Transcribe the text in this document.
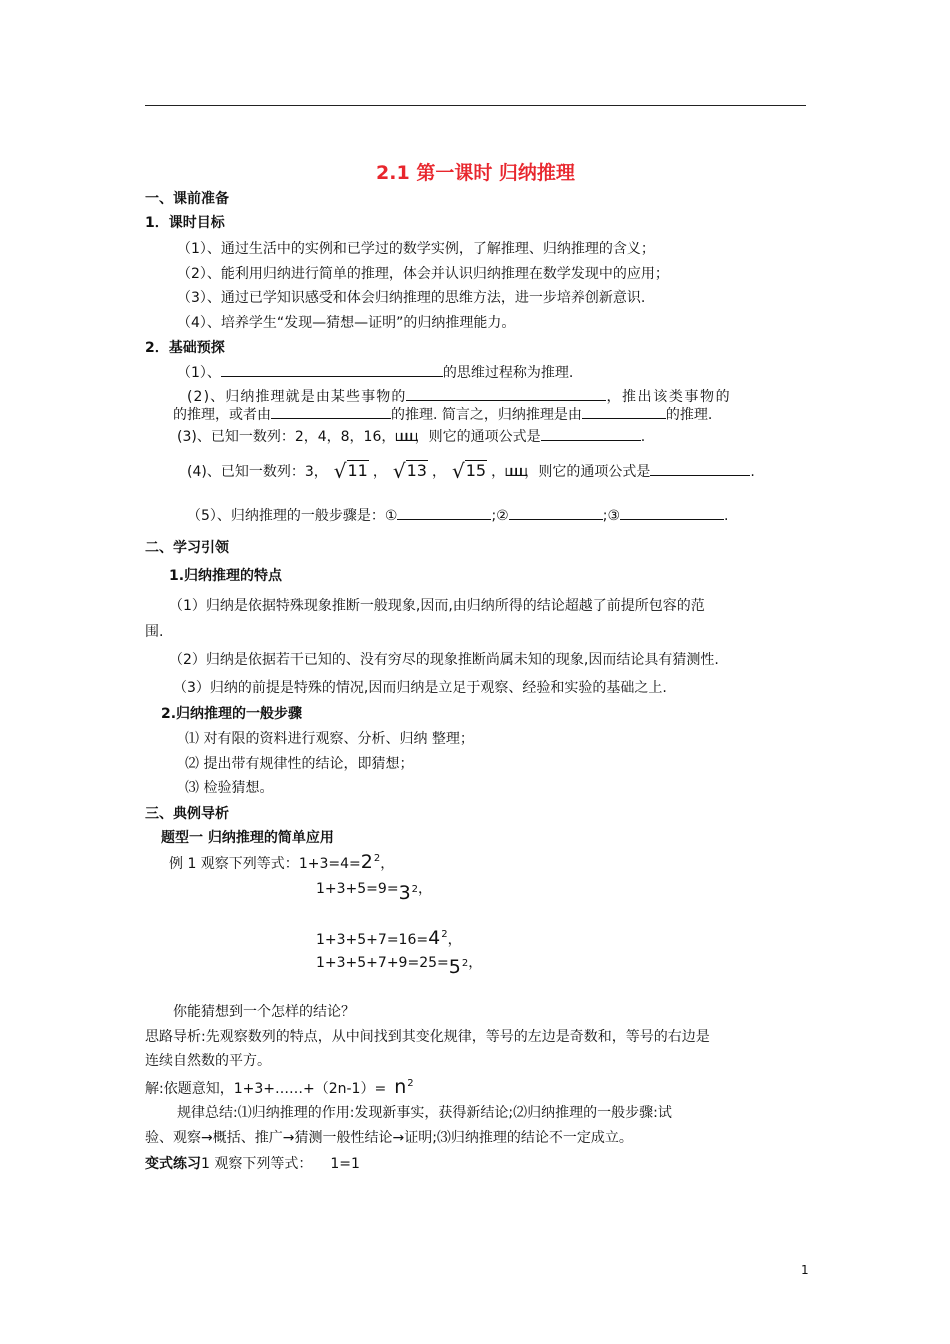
2.1 第一课时 归纳推理
一、课前准备
1．课时目标
（1）、通过生活中的实例和已学过的数学实例，了解推理、归纳推理的含义；
（2）、能利用归纳进行简单的推理，体会并认识归纳推理在数学发现中的应用；
（3）、通过已学知识感受和体会归纳推理的思维方法，进一步培养创新意识.
（4）、培养学生“发现—猜想—证明”的归纳推理能力。
2．基础预探
（1）、	的思维过程称为推理.
(2)、归纳推理就是由某些事物的	，推出该类事物的
的推理，或者由	的推理. 简言之，归纳推理是由	的推理.
(3)、已知一数列：2，4，8，16，⊔⊔⊔⊔，则它的通项公式是	.
(4)、已知一数列：3， √11 ， √13 ， √15 ，⊔⊔⊔⊔，则它的通项公式是	.
（5）、归纳推理的一般步骤是：①	;②	;③	.
二、学习引领
1.归纳推理的特点
（1）归纳是依据特殊现象推断一般现象,因而,由归纳所得的结论超越了前提所包容的范
围.
（2）归纳是依据若干已知的、没有穷尽的现象推断尚属未知的现象,因而结论具有猜测性.
（3）归纳的前提是特殊的情况,因而归纳是立足于观察、经验和实验的基础之上.
2.归纳推理的一般步骤
⑴ 对有限的资料进行观察、分析、归纳 整理；
⑵ 提出带有规律性的结论，即猜想；
⑶ 检验猜想。
三、典例导析
题型一 归纳推理的简单应用
例 1 观察下列等式：$1+3=4=2^2$，
$1+3+5=9=3^2$，
$1+3+5+7=16=4^2$，
$1+3+5+7+9=25=5^2$，
你能猜想到一个怎样的结论？
思路导析:先观察数列的特点，从中间找到其变化规律，等号的左边是奇数和，等号的右边是
连续自然数的平方。
解:依题意知，1+3+……+（2n-1）= $n^2$
规律总结:⑴归纳推理的作用:发现新事实，获得新结论;⑵归纳推理的一般步骤:试
验、观察→概括、推广→猜测一般性结论→证明;⑶归纳推理的结论不一定成立。
变式练习1 观察下列等式： 1=1
1
